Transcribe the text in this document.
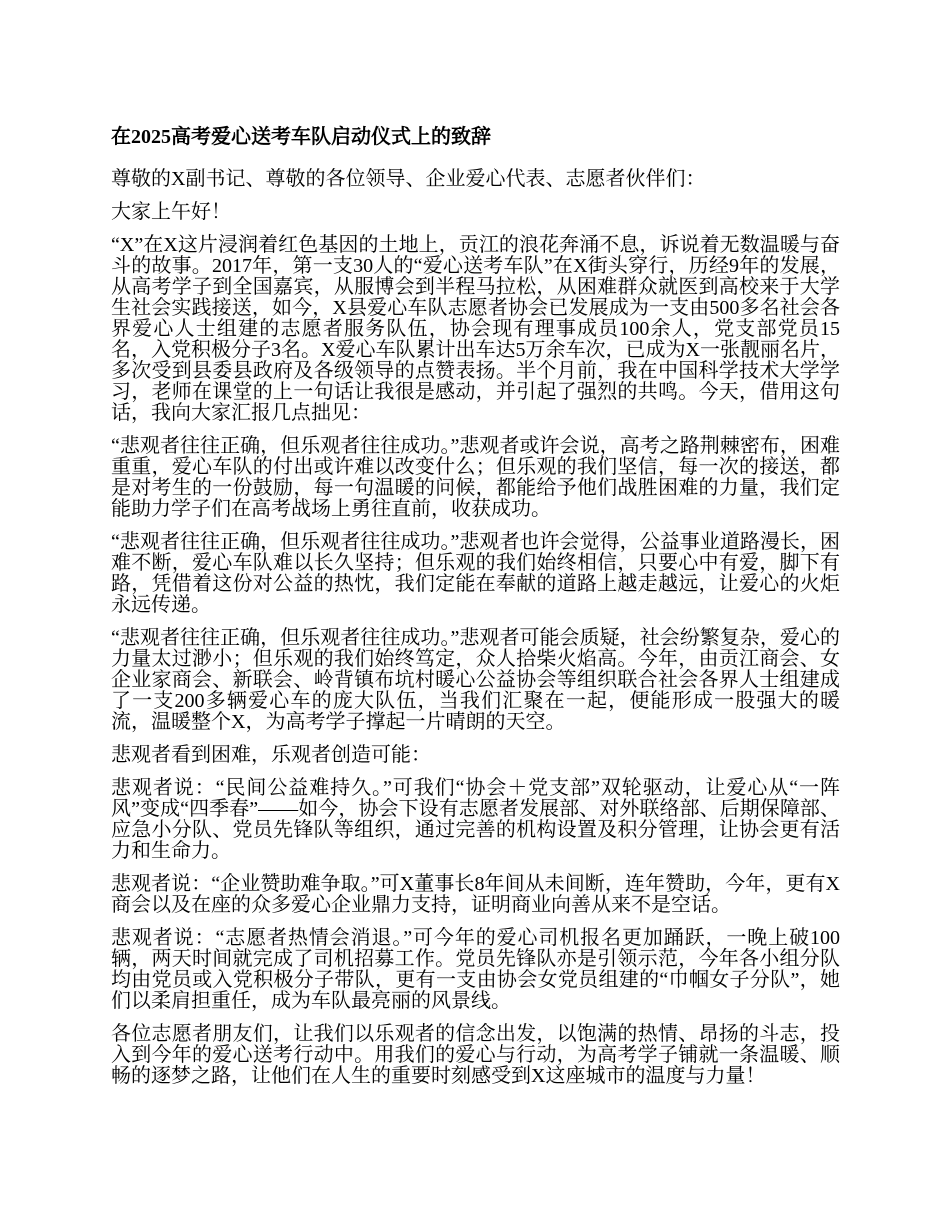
在2025高考爱心送考车队启动仪式上的致辞

尊敬的X副书记、尊敬的各位领导、企业爱心代表、志愿者伙伴们：

大家上午好！

“X”在X这片浸润着红色基因的土地上，贡江的浪花奔涌不息，诉说着无数温暖与奋斗的故事。2017年，第一支30人的“爱心送考车队”在X街头穿行，历经9年的发展，从高考学子到全国嘉宾，从服博会到半程马拉松，从困难群众就医到高校来于大学生社会实践接送，如今，X县爱心车队志愿者协会已发展成为一支由500多名社会各界爱心人士组建的志愿者服务队伍，协会现有理事成员100余人，党支部党员15名，入党积极分子3名。X爱心车队累计出车达5万余车次，已成为X一张靓丽名片，多次受到县委县政府及各级领导的点赞表扬。半个月前，我在中国科学技术大学学习，老师在课堂的上一句话让我很是感动，并引起了强烈的共鸣。今天，借用这句话，我向大家汇报几点拙见：

“悲观者往往正确，但乐观者往往成功。”悲观者或许会说，高考之路荆棘密布，困难重重，爱心车队的付出或许难以改变什么；但乐观的我们坚信，每一次的接送，都是对考生的一份鼓励，每一句温暖的问候，都能给予他们战胜困难的力量，我们定能助力学子们在高考战场上勇往直前，收获成功。

“悲观者往往正确，但乐观者往往成功。”悲观者也许会觉得，公益事业道路漫长，困难不断，爱心车队难以长久坚持；但乐观的我们始终相信，只要心中有爱，脚下有路，凭借着这份对公益的热忱，我们定能在奉献的道路上越走越远，让爱心的火炬永远传递。

“悲观者往往正确，但乐观者往往成功。”悲观者可能会质疑，社会纷繁复杂，爱心的力量太过渺小；但乐观的我们始终笃定，众人拾柴火焰高。今年，由贡江商会、女企业家商会、新联会、岭背镇布坑村暖心公益协会等组织联合社会各界人士组建成了一支200多辆爱心车的庞大队伍，当我们汇聚在一起，便能形成一股强大的暖流，温暖整个X，为高考学子撑起一片晴朗的天空。

悲观者看到困难，乐观者创造可能：

悲观者说：“民间公益难持久。”可我们“协会＋党支部”双轮驱动，让爱心从“一阵风”变成“四季春”——如今，协会下设有志愿者发展部、对外联络部、后期保障部、应急小分队、党员先锋队等组织，通过完善的机构设置及积分管理，让协会更有活力和生命力。

悲观者说：“企业赞助难争取。”可X董事长8年间从未间断，连年赞助，今年，更有X商会以及在座的众多爱心企业鼎力支持，证明商业向善从来不是空话。

悲观者说：“志愿者热情会消退。”可今年的爱心司机报名更加踊跃，一晚上破100辆，两天时间就完成了司机招募工作。党员先锋队亦是引领示范，今年各小组分队均由党员或入党积极分子带队，更有一支由协会女党员组建的“巾帼女子分队”，她们以柔肩担重任，成为车队最亮丽的风景线。

各位志愿者朋友们，让我们以乐观者的信念出发，以饱满的热情、昂扬的斗志，投入到今年的爱心送考行动中。用我们的爱心与行动，为高考学子铺就一条温暖、顺畅的逐梦之路，让他们在人生的重要时刻感受到X这座城市的温度与力量！
